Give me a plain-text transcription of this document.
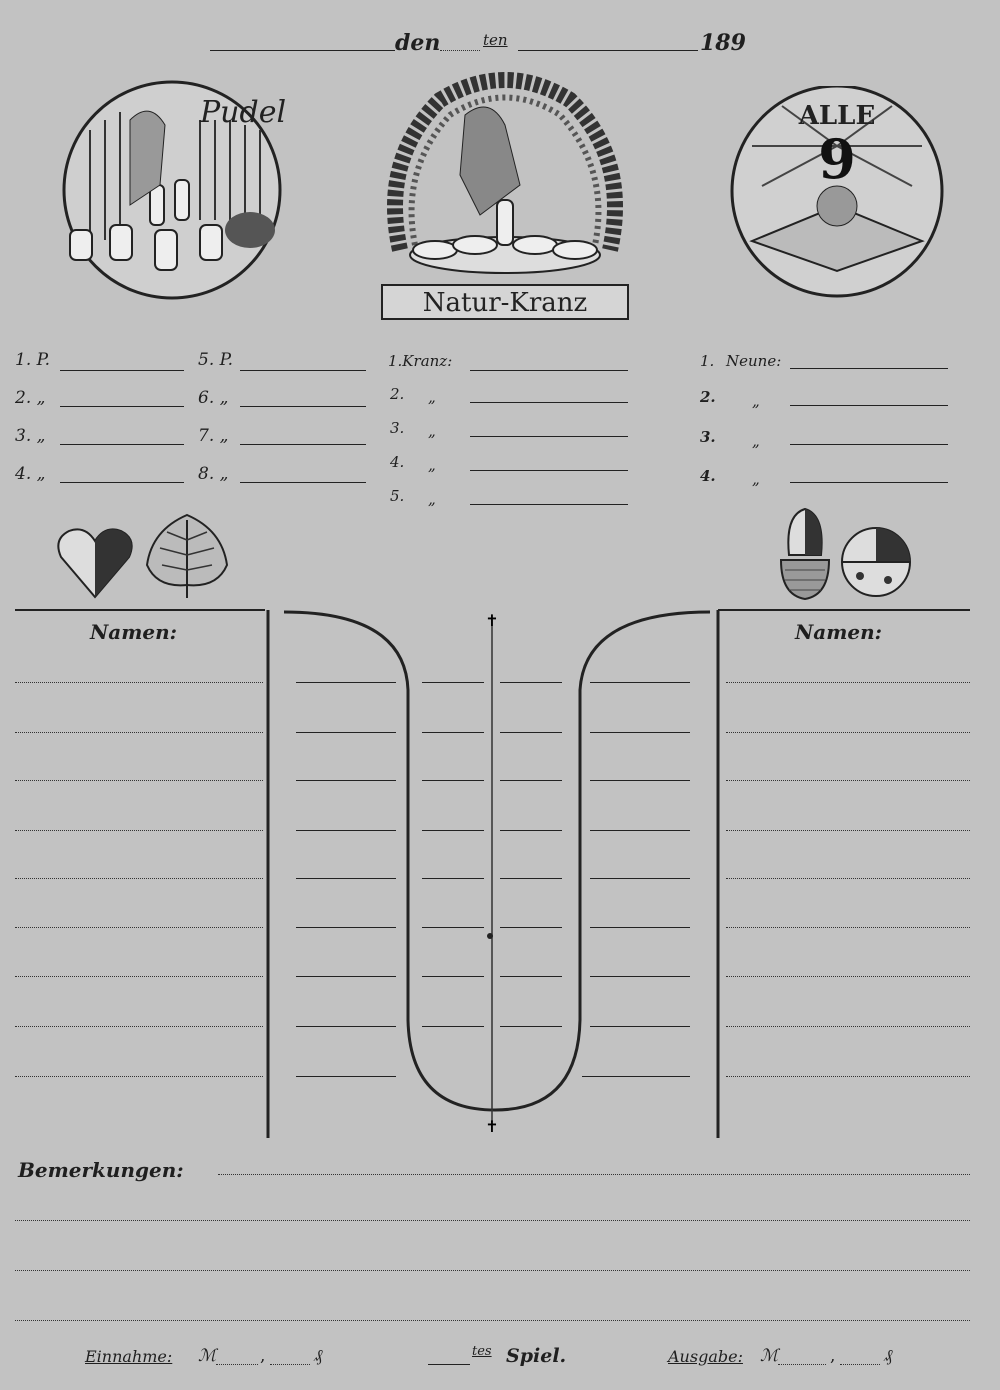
den	ten	189
Pudel
Natur-Kranz
ALLE
9
1. P.
2. „
3. „
4. „
5. P.
6. „
7. „
8. „
1.Kranz:
2. „
3. „
4. „
5. „
1. Neune:
2. „
3. „
4. „
✝
✝
Namen:	Namen:
Bemerkungen:
Einnahme: ℳ	,	₰	tes Spiel.	Ausgabe: ℳ	,	₰
